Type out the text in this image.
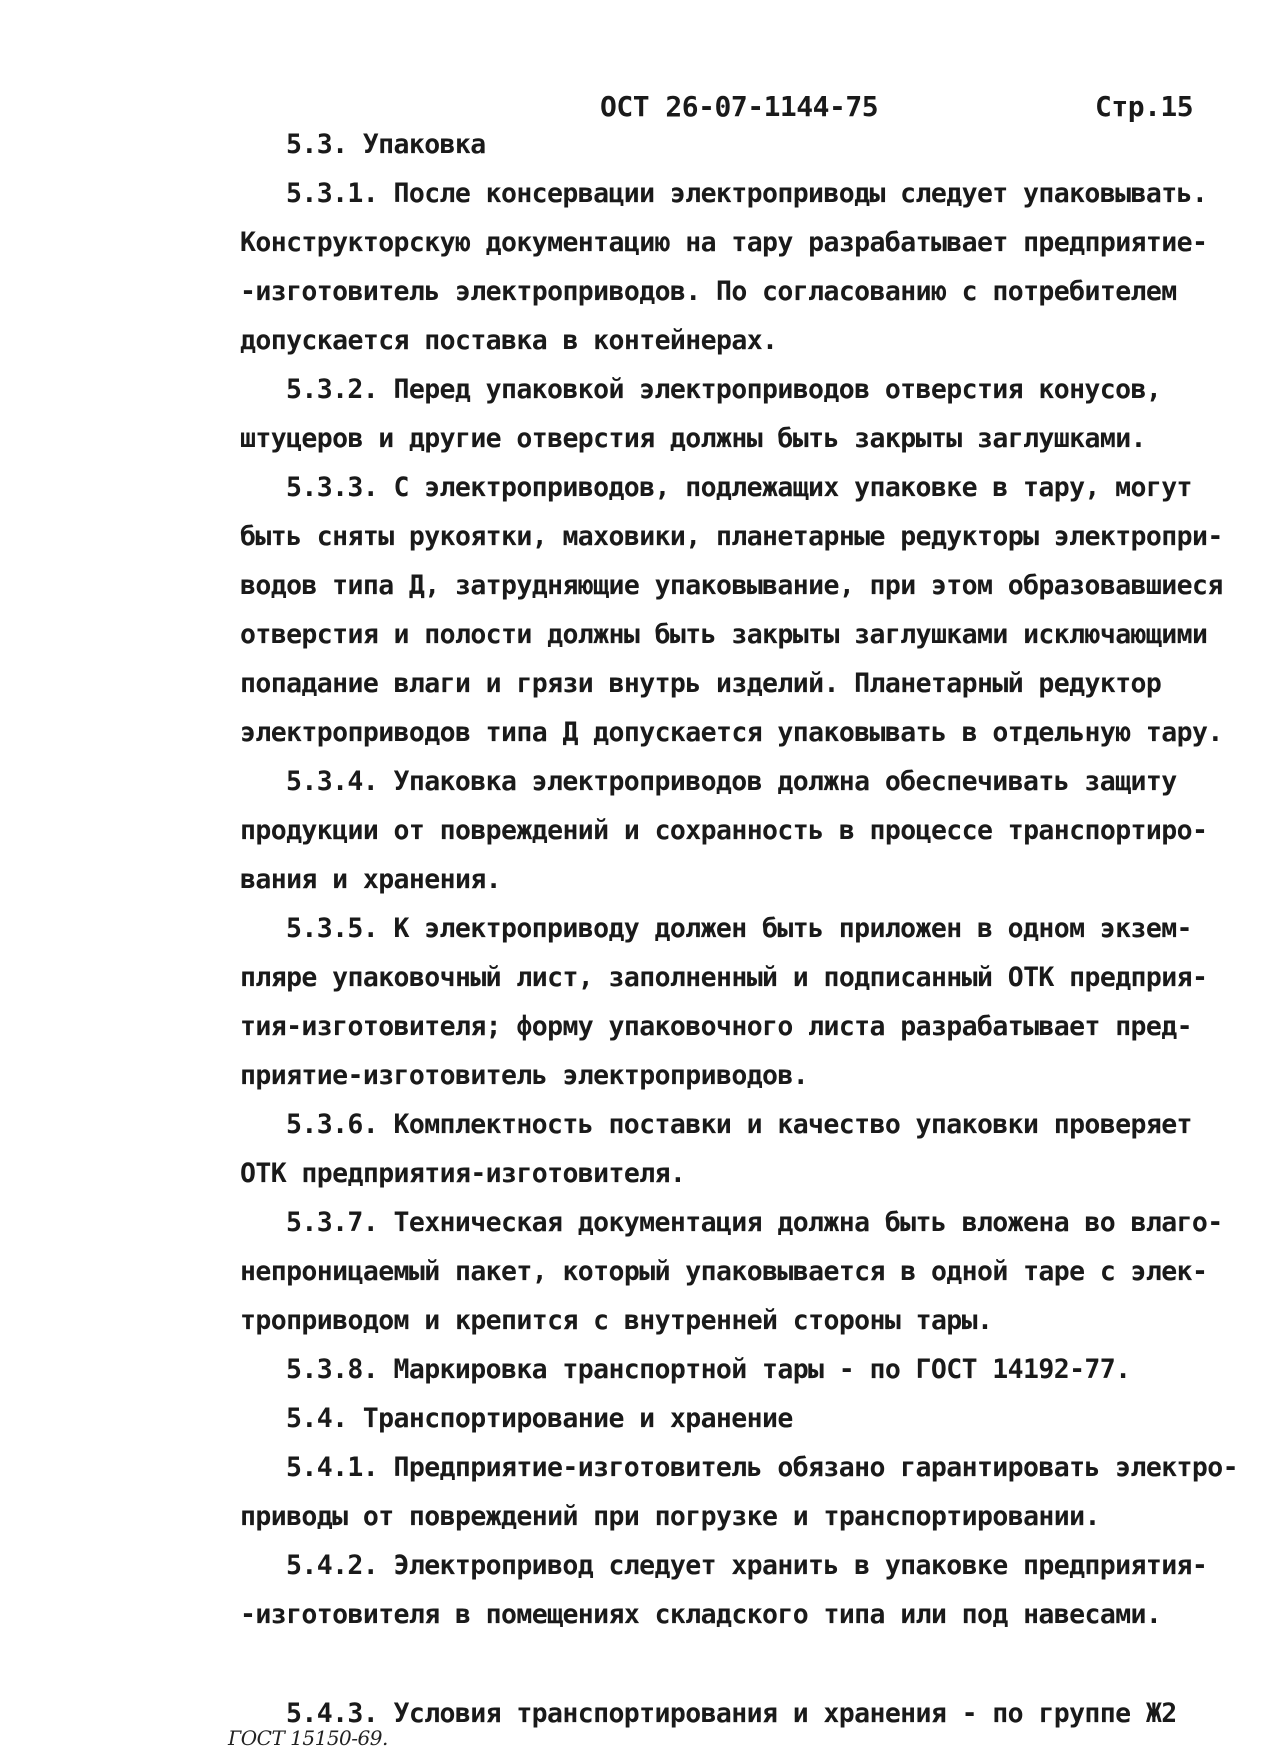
ОСТ 26-07-1144-75	Стр.15
5.3. Упаковка
5.3.1. После консервации электроприводы следует упаковывать.
Конструкторскую документацию на тару разрабатывает предприятие-
-изготовитель электроприводов. По согласованию с потребителем
допускается поставка в контейнерах.
5.3.2. Перед упаковкой электроприводов отверстия конусов,
штуцеров и другие отверстия должны быть закрыты заглушками.
5.3.3. С электроприводов, подлежащих упаковке в тару, могут
быть сняты рукоятки, маховики, планетарные редукторы электропри-
водов типа Д, затрудняющие упаковывание, при этом образовавшиеся
отверстия и полости должны быть закрыты заглушками исключающими
попадание влаги и грязи внутрь изделий. Планетарный редуктор
электроприводов типа Д допускается упаковывать в отдельную тару.
5.3.4. Упаковка электроприводов должна обеспечивать защиту
продукции от повреждений и сохранность в процессе транспортиро-
вания и хранения.
5.3.5. К электроприводу должен быть приложен в одном экзем-
пляре упаковочный лист, заполненный и подписанный ОТК предприя-
тия-изготовителя; форму упаковочного листа разрабатывает пред-
приятие-изготовитель электроприводов.
5.3.6. Комплектность поставки и качество упаковки проверяет
ОТК предприятия-изготовителя.
5.3.7. Техническая документация должна быть вложена во влаго-
непроницаемый пакет, который упаковывается в одной таре с элек-
троприводом и крепится с внутренней стороны тары.
5.3.8. Маркировка транспортной тары - по ГОСТ 14192-77.
5.4. Транспортирование и хранение
5.4.1. Предприятие-изготовитель обязано гарантировать электро-
приводы от повреждений при погрузке и транспортировании.
5.4.2. Электропривод следует хранить в упаковке предприятия-
-изготовителя в помещениях складского типа или под навесами.
5.4.3. Условия транспортирования и хранения - по группе Ж2
ГОСТ 15150-69.
